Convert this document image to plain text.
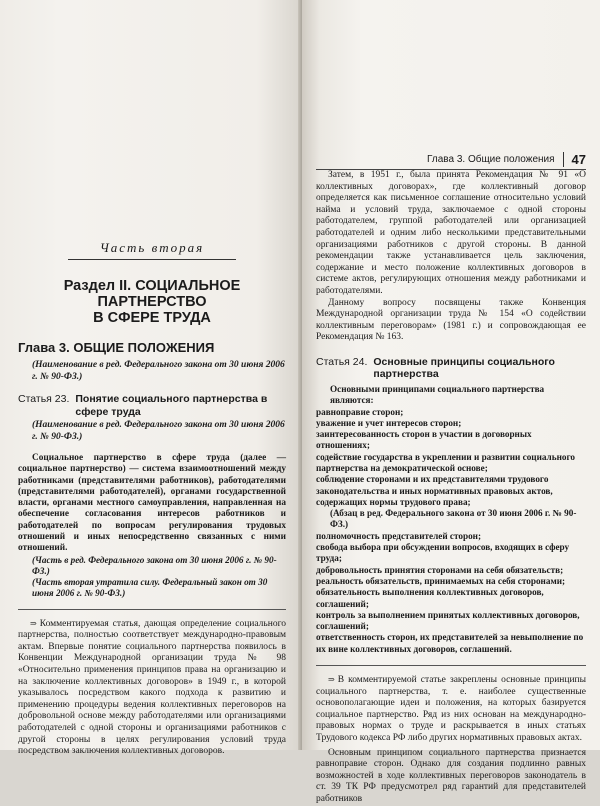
Часть вторая

Раздел II. СОЦИАЛЬНОЕ ПАРТНЕРСТВО
В СФЕРЕ ТРУДА

Глава 3. ОБЩИЕ ПОЛОЖЕНИЯ

(Наименование в ред. Федерального закона от 30 июня 2006 г. № 90-ФЗ.)

Статья 23. Понятие социального партнерства в сфере труда

(Наименование в ред. Федерального закона от 30 июня 2006 г. № 90-ФЗ.)

Социальное партнерство в сфере труда (далее — социальное партнерство) — система взаимоотношений между работниками (представителями работников), работодателями (представителями работодателей), органами государственной власти, органами местного самоуправления, направленная на обеспечение согласования интересов работников и работодателей по вопросам регулирования трудовых отношений и иных непосредственно связанных с ними отношений.

(Часть в ред. Федерального закона от 30 июня 2006 г. № 90-ФЗ.)

(Часть вторая утратила силу. Федеральный закон от 30 июня 2006 г. № 90-ФЗ.)

⇒ Комментируемая статья, дающая определение социального партнерства, полностью соответствует международно-правовым актам. Впервые понятие социального партнерства появилось в Конвенции Международной организации труда № 98 «Относительно применения принципов права на организацию и на заключение коллективных договоров» в 1949 г., в которой указывалось посредством какого подхода к развитию и применению процедуры ведения коллективных переговоров на добровольной основе между работодателями или организациями работодателей с одной стороны и организациями работников с другой стороны в целях регулирования условий труда посредством заключения коллективных договоров.

Глава 3. Общие положения	47

Затем, в 1951 г., была принята Рекомендация № 91 «О коллективных договорах», где коллективный договор определяется как письменное соглашение относительно условий найма и условий труда, заключаемое с одной стороны работодателем, группой работодателей или организацией работодателей и одним либо несколькими представительными организациями работников с другой стороны. В данной рекомендации также устанавливается цель заключения, содержание и место положение коллективных договоров в системе актов, регулирующих отношения между работниками и работодателями.

Данному вопросу посвящены также Конвенция Международной организации труда № 154 «О содействии коллективным переговорам» (1981 г.) и сопровождающая ее Рекомендация № 163.

Статья 24. Основные принципы социального партнерства

Основными принципами социального партнерства являются:

равноправие сторон;

уважение и учет интересов сторон;

заинтересованность сторон в участии в договорных отношениях;

содействие государства в укреплении и развитии социального партнерства на демократической основе;

соблюдение сторонами и их представителями трудового законодательства и иных нормативных правовых актов, содержащих нормы трудового права;

(Абзац в ред. Федерального закона от 30 июня 2006 г. № 90-ФЗ.)

полномочность представителей сторон;

свобода выбора при обсуждении вопросов, входящих в сферу труда;

добровольность принятия сторонами на себя обязательств;

реальность обязательств, принимаемых на себя сторонами;

обязательность выполнения коллективных договоров, соглашений;

контроль за выполнением принятых коллективных договоров, соглашений;

ответственность сторон, их представителей за невыполнение по их вине коллективных договоров, соглашений.

⇒ В комментируемой статье закреплены основные принципы социального партнерства, т. е. наиболее существенные основополагающие идеи и положения, на которых базируется социальное партнерство. Ряд из них основан на международно-правовых нормах о труде и раскрывается в иных статьях Трудового кодекса РФ либо других нормативных правовых актах.

Основным принципом социального партнерства признается равноправие сторон. Однако для создания подлинно равных возможностей в ходе коллективных переговоров законодатель в ст. 39 ТК РФ предусмотрел ряд гарантий для представителей работников
